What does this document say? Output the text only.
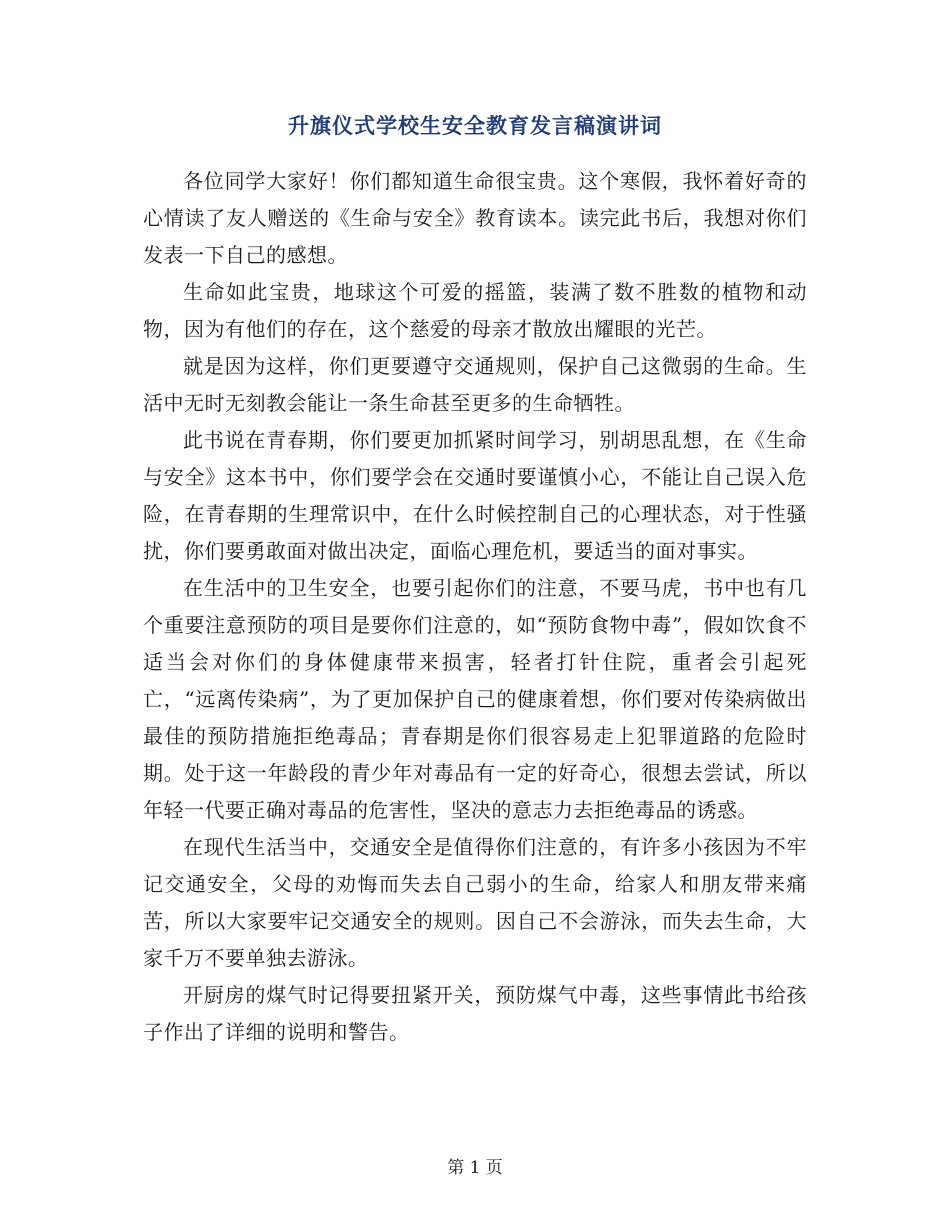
升旗仪式学校生安全教育发言稿演讲词

各位同学大家好！你们都知道生命很宝贵。这个寒假，我怀着好奇的心情读了友人赠送的《生命与安全》教育读本。读完此书后，我想对你们发表一下自己的感想。

生命如此宝贵，地球这个可爱的摇篮，装满了数不胜数的植物和动物，因为有他们的存在，这个慈爱的母亲才散放出耀眼的光芒。

就是因为这样，你们更要遵守交通规则，保护自己这微弱的生命。生活中无时无刻教会能让一条生命甚至更多的生命牺牲。

此书说在青春期，你们要更加抓紧时间学习，别胡思乱想，在《生命与安全》这本书中，你们要学会在交通时要谨慎小心，不能让自己误入危险，在青春期的生理常识中，在什么时候控制自己的心理状态，对于性骚扰，你们要勇敢面对做出决定，面临心理危机，要适当的面对事实。

在生活中的卫生安全，也要引起你们的注意，不要马虎，书中也有几个重要注意预防的项目是要你们注意的，如“预防食物中毒”，假如饮食不适当会对你们的身体健康带来损害，轻者打针住院，重者会引起死亡，“远离传染病”，为了更加保护自己的健康着想，你们要对传染病做出最佳的预防措施拒绝毒品；青春期是你们很容易走上犯罪道路的危险时期。处于这一年龄段的青少年对毒品有一定的好奇心，很想去尝试，所以年轻一代要正确对毒品的危害性，坚决的意志力去拒绝毒品的诱惑。

在现代生活当中，交通安全是值得你们注意的，有许多小孩因为不牢记交通安全，父母的劝悔而失去自己弱小的生命，给家人和朋友带来痛苦，所以大家要牢记交通安全的规则。因自己不会游泳，而失去生命，大家千万不要单独去游泳。

开厨房的煤气时记得要扭紧开关，预防煤气中毒，这些事情此书给孩子作出了详细的说明和警告。

第 1 页
